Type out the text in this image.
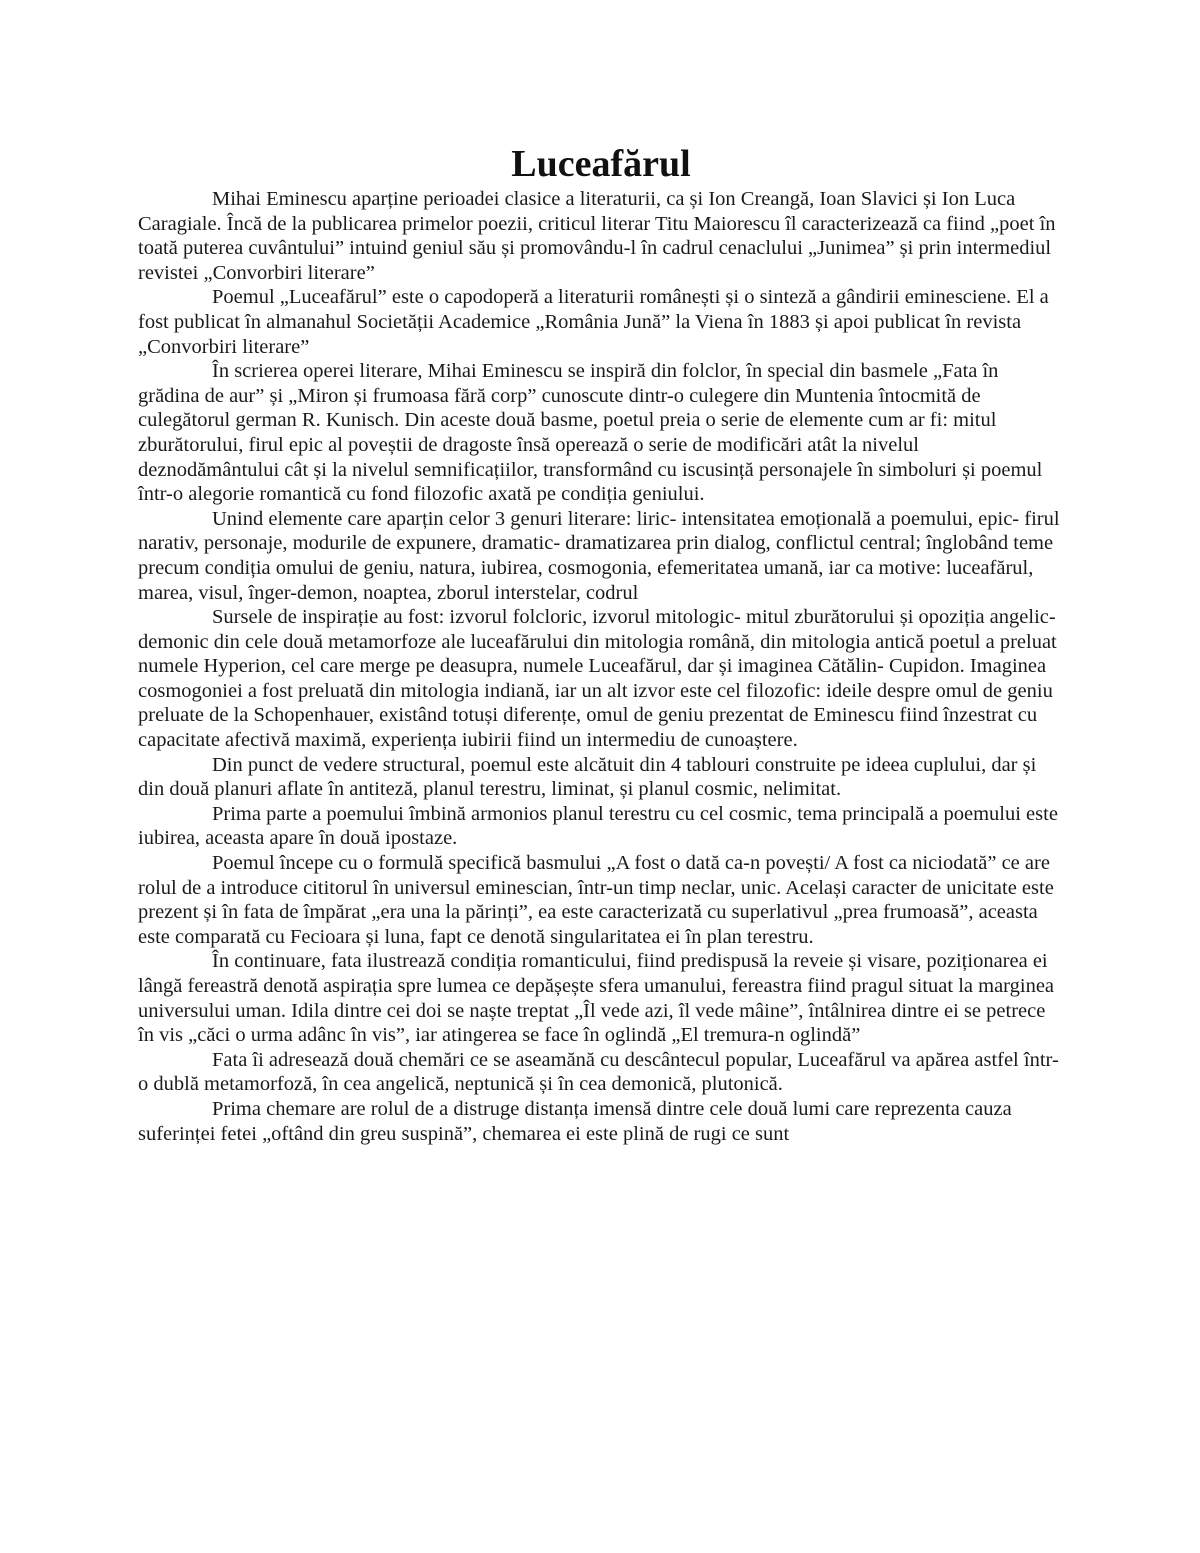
Luceafărul

Mihai Eminescu aparține perioadei clasice a literaturii, ca și Ion Creangă, Ioan Slavici și Ion Luca Caragiale. Încă de la publicarea primelor poezii, criticul literar Titu Maiorescu îl caracterizează ca fiind „poet în toată puterea cuvântului” intuind geniul său și promovându-l în cadrul cenaclului „Junimea” și prin intermediul revistei „Convorbiri literare”

Poemul „Luceafărul” este o capodoperă a literaturii românești și o sinteză a gândirii eminesciene. El a fost publicat în almanahul Societății Academice „România Jună” la Viena în 1883 și apoi publicat în revista „Convorbiri literare”

În scrierea operei literare, Mihai Eminescu se inspiră din folclor, în special din basmele „Fata în grădina de aur” și „Miron și frumoasa fără corp” cunoscute dintr-o culegere din Muntenia întocmită de culegătorul german R. Kunisch. Din aceste două basme, poetul preia o serie de elemente cum ar fi: mitul zburătorului, firul epic al poveștii de dragoste însă operează o serie de modificări atât la nivelul deznodământului cât și la nivelul semnificațiilor, transformând cu iscusință personajele în simboluri și poemul într-o alegorie romantică cu fond filozofic axată pe condiția geniului.

Unind elemente care aparțin celor 3 genuri literare: liric- intensitatea emoțională a poemului, epic- firul narativ, personaje, modurile de expunere, dramatic- dramatizarea prin dialog, conflictul central; înglobând teme precum condiția omului de geniu, natura, iubirea, cosmogonia, efemeritatea umană, iar ca motive: luceafărul, marea, visul, înger-demon, noaptea, zborul interstelar, codrul

Sursele de inspirație au fost: izvorul folcloric, izvorul mitologic- mitul zburătorului și opoziția angelic-demonic din cele două metamorfoze ale luceafărului din mitologia română, din mitologia antică poetul a preluat numele Hyperion, cel care merge pe deasupra, numele Luceafărul, dar și imaginea Cătălin- Cupidon. Imaginea cosmogoniei a fost preluată din mitologia indiană, iar un alt izvor este cel filozofic: ideile despre omul de geniu preluate de la Schopenhauer, existând totuși diferențe, omul de geniu prezentat de Eminescu fiind înzestrat cu capacitate afectivă maximă, experiența iubirii fiind un intermediu de cunoaștere.

Din punct de vedere structural, poemul este alcătuit din 4 tablouri construite pe ideea cuplului, dar și din două planuri aflate în antiteză, planul terestru, liminat, și planul cosmic, nelimitat.

Prima parte a poemului îmbină armonios planul terestru cu cel cosmic, tema principală a poemului este iubirea, aceasta apare în două ipostaze.

Poemul începe cu o formulă specifică basmului „A fost o dată ca-n povești/ A fost ca niciodată” ce are rolul de a introduce cititorul în universul eminescian, într-un timp neclar, unic. Același caracter de unicitate este prezent și în fata de împărat „era una la părinți”, ea este caracterizată cu superlativul „prea frumoasă”, aceasta este comparată cu Fecioara și luna, fapt ce denotă singularitatea ei în plan terestru.

În continuare, fata ilustrează condiția romanticului, fiind predispusă la reveie și visare, poziționarea ei lângă fereastră denotă aspirația spre lumea ce depășește sfera umanului, fereastra fiind pragul situat la marginea universului uman. Idila dintre cei doi se naște treptat „Îl vede azi, îl vede mâine”, întâlnirea dintre ei se petrece în vis „căci o urma adânc în vis”, iar atingerea se face în oglindă „El tremura-n oglindă”

Fata îi adresează două chemări ce se aseamănă cu descântecul popular, Luceafărul va apărea astfel într-o dublă metamorfoză, în cea angelică, neptunică și în cea demonică, plutonică.

Prima chemare are rolul de a distruge distanța imensă dintre cele două lumi care reprezenta cauza suferinței fetei „oftând din greu suspină”, chemarea ei este plină de rugi ce sunt
